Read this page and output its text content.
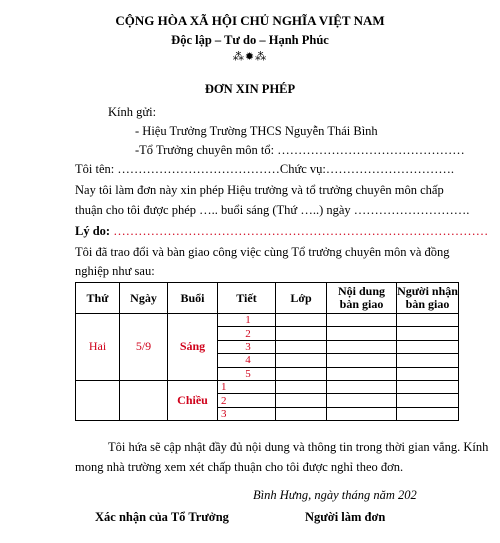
CỘNG HÒA XÃ HỘI CHỦ NGHĨA VIỆT NAM
Độc lập – Tư do – Hạnh Phúc
⁂✹⁂
ĐƠN XIN PHÉP
Kính gửi:
- Hiệu Trưởng Trường THCS Nguyễn Thái Bình
-Tổ Trưởng chuyên môn tổ: ………………………………………
Tôi tên: …………………………………Chức vụ:………………………….
Nay tôi làm đơn này xin phép Hiệu trưởng và tổ trưởng chuyên môn chấp
thuận cho tôi được phép ….. buổi sáng (Thứ …..) ngày ……………………….
Lý do: ………………………………………………………………………………
Tôi đã trao đổi và bàn giao công việc cùng Tổ trưởng chuyên môn và đồng
nghiệp như sau:
Thứ	Ngày	Buổi	Tiết	Lớp	Nội dung bàn giao	Người nhận bàn giao
Hai	5/9	Sáng	1			
			2			
			3			
			4			
			5			
		Chiều	1			
			2			
			3			
Tôi hứa sẽ cập nhật đầy đủ nội dung và thông tin trong thời gian vắng. Kính
mong nhà trường xem xét chấp thuận cho tôi được nghỉ theo đơn.
Bình Hưng, ngày tháng năm 202
Xác nhận của Tổ Trưởng	Người làm đơn
